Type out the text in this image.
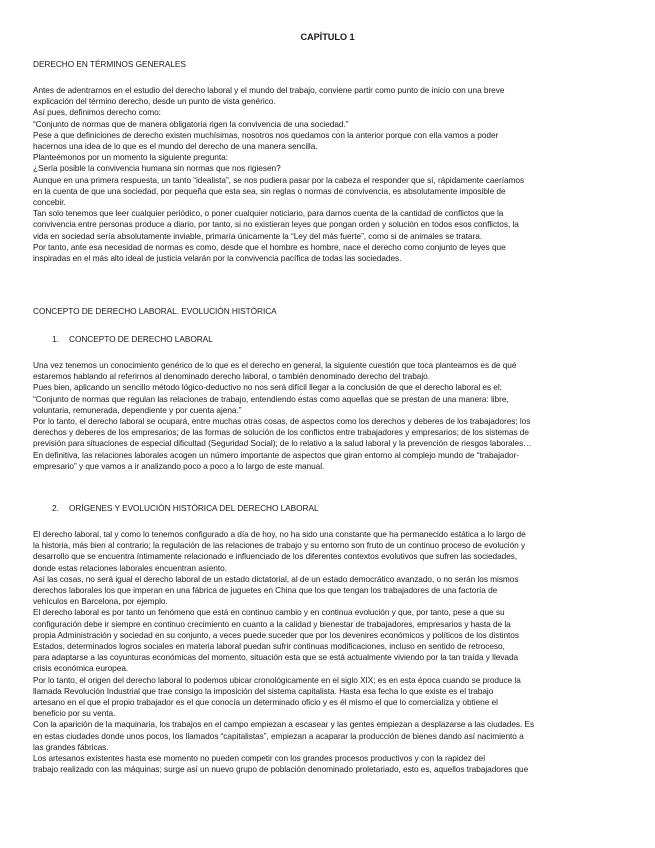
CAPÍTULO 1
DERECHO EN TÉRMINOS GENERALES

Antes de adentrarnos en el estudio del derecho laboral y el mundo del trabajo, conviene partir como punto de inicio con una breve

explicación del término derecho, desde un punto de vista genérico.

Así pues, definimos derecho como:

“Conjunto de normas que de manera obligatoria rigen la convivencia de una sociedad.”

Pese a que definiciones de derecho existen muchísimas, nosotros nos quedamos con la anterior porque con ella vamos a poder

hacernos una idea de lo que es el mundo del derecho de una manera sencilla.

Planteémonos por un momento la siguiente pregunta:

¿Sería posible la convivencia humana sin normas que nos rigiesen?

Aunque en una primera respuesta, un tanto “idealista”, se nos pudiera pasar por la cabeza el responder que sí, rápidamente caeríamos

en la cuenta de que una sociedad, por pequeña que esta sea, sin reglas o normas de convivencia, es absolutamente imposible de

concebir.

Tan solo tenemos que leer cualquier periódico, o poner cualquier noticiario, para darnos cuenta de la cantidad de conflictos que la

convivencia entre personas produce a diario, por tanto, si no existieran leyes que pongan orden y solución en todos esos conflictos, la

vida en sociedad sería absolutamente inviable, primaría únicamente la “Ley del más fuerte”, como si de animales se tratara.

Por tanto, ante esa necesidad de normas es como, desde que el hombre es hombre, nace el derecho como conjunto de leyes que

inspiradas en el más alto ideal de justicia velarán por la convivencia pacífica de todas las sociedades.

CONCEPTO DE DERECHO LABORAL. EVOLUCIÓN HISTÓRICA
1. CONCEPTO DE DERECHO LABORAL

Una vez tenemos un conocimiento genérico de lo que es el derecho en general, la siguiente cuestión que toca plantearnos es de qué

estaremos hablando al referirnos al denominado derecho laboral, o también denominado derecho del trabajo.

Pues bien, aplicando un sencillo método lógico-deductivo no nos será difícil llegar a la conclusión de que el derecho laboral es el:

“Conjunto de normas que regulan las relaciones de trabajo, entendiendo estas como aquellas que se prestan de una manera: libre,

voluntaria, remunerada, dependiente y por cuenta ajena.”

Por lo tanto, el derecho laboral se ocupará, entre muchas otras cosas, de aspectos como los derechos y deberes de los trabajadores; los

derechos y deberes de los empresarios; de las formas de solución de los conflictos entre trabajadores y empresarios; de los sistemas de

previsión para situaciones de especial dificultad (Seguridad Social); de lo relativo a la salud laboral y la prevención de riesgos laborales…

En definitiva, las relaciones laborales acogen un número importante de aspectos que giran entorno al complejo mundo de “trabajador-

empresario” y que vamos a ir analizando poco a poco a lo largo de este manual.

2. ORÍGENES Y EVOLUCIÓN HISTÓRICA DEL DERECHO LABORAL

El derecho laboral, tal y como lo tenemos configurado a día de hoy, no ha sido una constante que ha permanecido estática a lo largo de

la historia, más bien al contrario; la regulación de las relaciones de trabajo y su entorno son fruto de un continuo proceso de evolución y

desarrollo que se encuentra íntimamente relacionado e influenciado de los diferentes contextos evolutivos que sufren las sociedades,

donde estas relaciones laborales encuentran asiento.

Así las cosas, no será igual el derecho laboral de un estado dictatorial, al de un estado democrático avanzado, o no serán los mismos

derechos laborales los que imperan en una fábrica de juguetes en China que los que tengan los trabajadores de una factoría de

vehículos en Barcelona, por ejemplo.

El derecho laboral es por tanto un fenómeno que está en continuo cambio y en continua evolución y que, por tanto, pese a que su

configuración debe ir siempre en continuo crecimiento en cuanto a la calidad y bienestar de trabajadores, empresarios y hasta de la

propia Administración y sociedad en su conjunto, a veces puede suceder que por los devenires económicos y políticos de los distintos

Estados, determinados logros sociales en materia laboral puedan sufrir continuas modificaciones, incluso en sentido de retroceso,

para adaptarse a las coyunturas económicas del momento, situación esta que se está actualmente viviendo por la tan traída y llevada

crisis económica europea.

Por lo tanto, el origen del derecho laboral lo podemos ubicar cronológicamente en el siglo XIX; es en esta época cuando se produce la

llamada Revolución Industrial que trae consigo la imposición del sistema capitalista. Hasta esa fecha lo que existe es el trabajo

artesano en el que el propio trabajador es el que conocía un determinado oficio y es él mismo el que lo comercializa y obtiene el

beneficio por su venta.

Con la aparición de la maquinaria, los trabajos en el campo empiezan a escasear y las gentes empiezan a desplazarse a las ciudades. Es

en estas ciudades donde unos pocos, los llamados “capitalistas”, empiezan a acaparar la producción de bienes dando así nacimiento a

las grandes fábricas.

Los artesanos existentes hasta ese momento no pueden competir con los grandes procesos productivos y con la rapidez del

trabajo realizado con las máquinas; surge así un nuevo grupo de población denominado proletariado, esto es, aquellos trabajadores que
